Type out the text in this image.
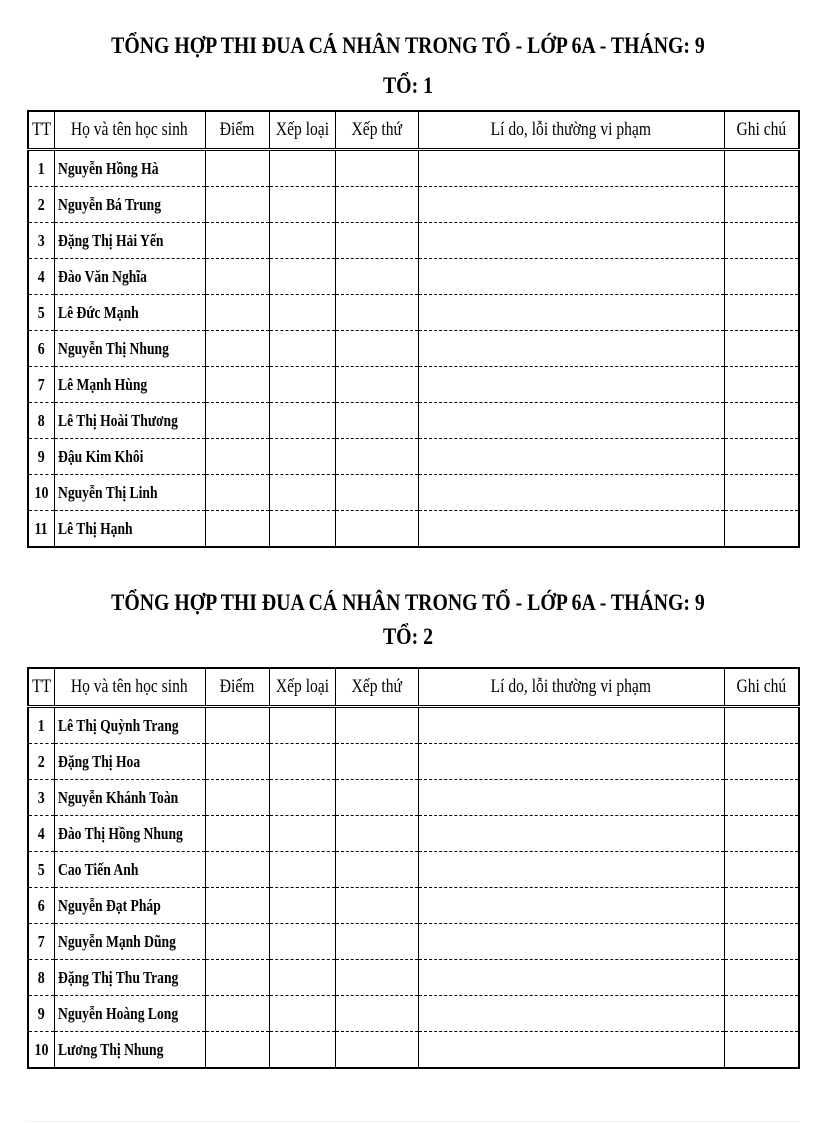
TỔNG HỢP THI ĐUA CÁ NHÂN TRONG TỔ - LỚP 6A - THÁNG: 9
TỔ: 1
TT	Họ và tên học sinh	Điểm	Xếp loại	Xếp thứ	Lí do, lỗi thường vi phạm	Ghi chú
1	Nguyễn Hồng Hà					
2	Nguyễn Bá Trung					
3	Đặng Thị Hải Yến					
4	Đào Văn Nghĩa					
5	Lê Đức Mạnh					
6	Nguyễn Thị Nhung					
7	Lê Mạnh Hùng					
8	Lê Thị Hoài Thương					
9	Đậu Kim Khôi					
10	Nguyễn Thị Linh					
11	Lê Thị Hạnh					
TỔNG HỢP THI ĐUA CÁ NHÂN TRONG TỔ - LỚP 6A - THÁNG: 9
TỔ: 2
TT	Họ và tên học sinh	Điểm	Xếp loại	Xếp thứ	Lí do, lỗi thường vi phạm	Ghi chú
1	Lê Thị Quỳnh Trang					
2	Đặng Thị Hoa					
3	Nguyễn Khánh Toàn					
4	Đào Thị Hồng Nhung					
5	Cao Tiến Anh					
6	Nguyễn Đạt Pháp					
7	Nguyễn Mạnh Dũng					
8	Đặng Thị Thu Trang					
9	Nguyễn Hoàng Long					
10	Lương Thị Nhung					
